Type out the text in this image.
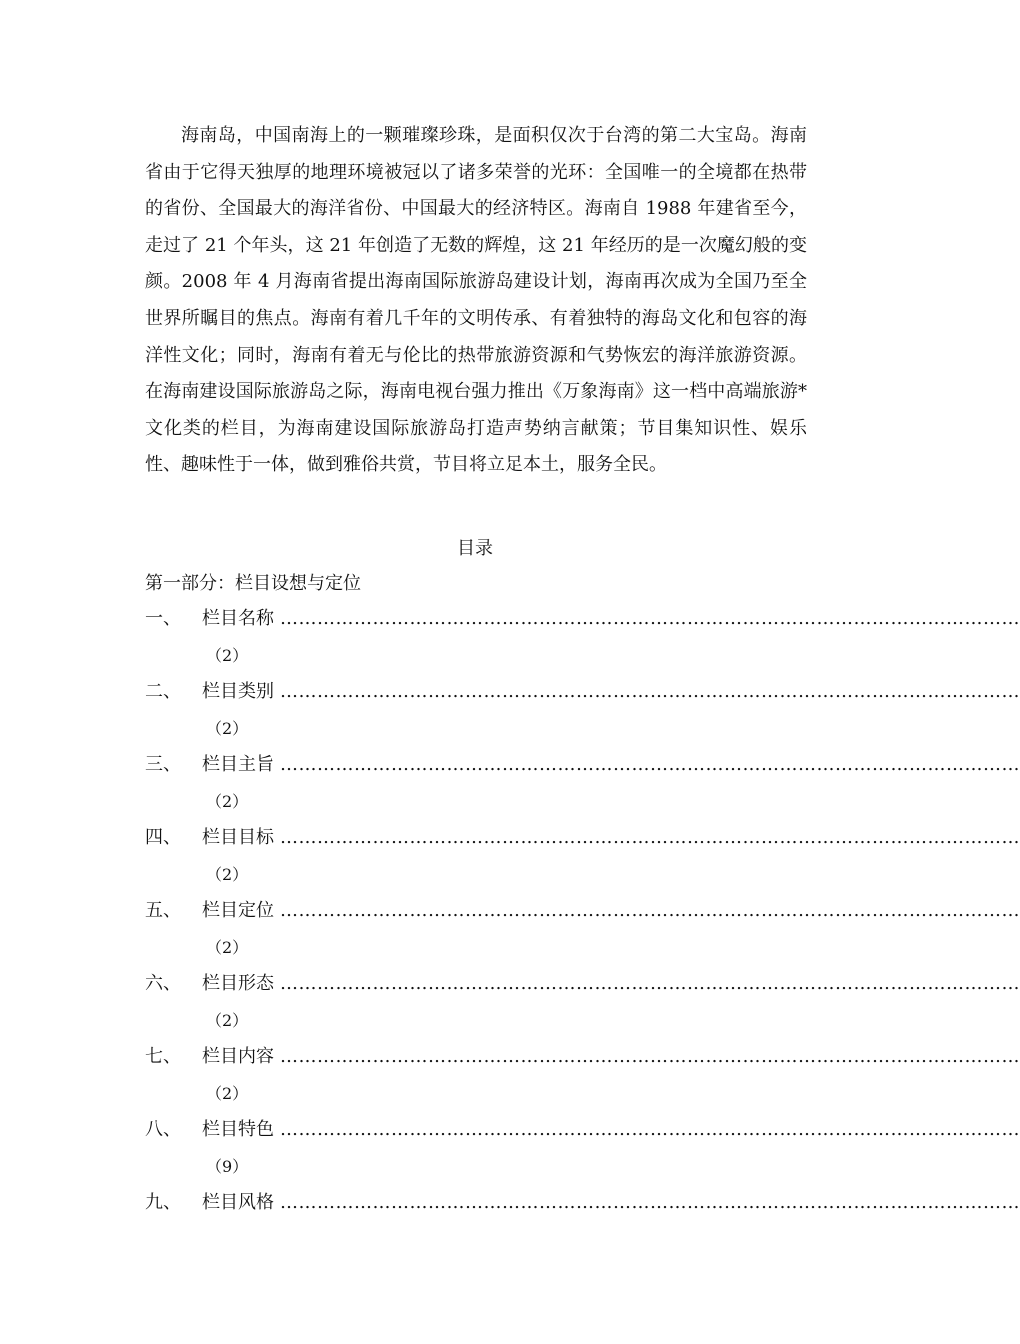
海南岛，中国南海上的一颗璀璨珍珠，是面积仅次于台湾的第二大宝岛。海南省由于它得天独厚的地理环境被冠以了诸多荣誉的光环：全国唯一的全境都在热带的省份、全国最大的海洋省份、中国最大的经济特区。海南自 1988 年建省至今，走过了 21 个年头，这 21 年创造了无数的辉煌，这 21 年经历的是一次魔幻般的变颜。2008 年 4 月海南省提出海南国际旅游岛建设计划，海南再次成为全国乃至全世界所瞩目的焦点。海南有着几千年的文明传承、有着独特的海岛文化和包容的海洋性文化；同时，海南有着无与伦比的热带旅游资源和气势恢宏的海洋旅游资源。在海南建设国际旅游岛之际，海南电视台强力推出《万象海南》这一档中高端旅游*文化类的栏目，为海南建设国际旅游岛打造声势纳言献策；节目集知识性、娱乐性、趣味性于一体，做到雅俗共赏，节目将立足本土，服务全民。

目录
第一部分：栏目设想与定位
一、 栏目名称 …………………………………………………………………………………………………………
（2）
二、 栏目类别 …………………………………………………………………………………………………………
（2）
三、 栏目主旨 …………………………………………………………………………………………………………
（2）
四、 栏目目标 …………………………………………………………………………………………………………
（2）
五、 栏目定位 …………………………………………………………………………………………………………
（2）
六、 栏目形态 …………………………………………………………………………………………………………
（2）
七、 栏目内容 …………………………………………………………………………………………………………
（2）
八、 栏目特色 …………………………………………………………………………………………………………
（9）
九、 栏目风格 …………………………………………………………………………………………………………
